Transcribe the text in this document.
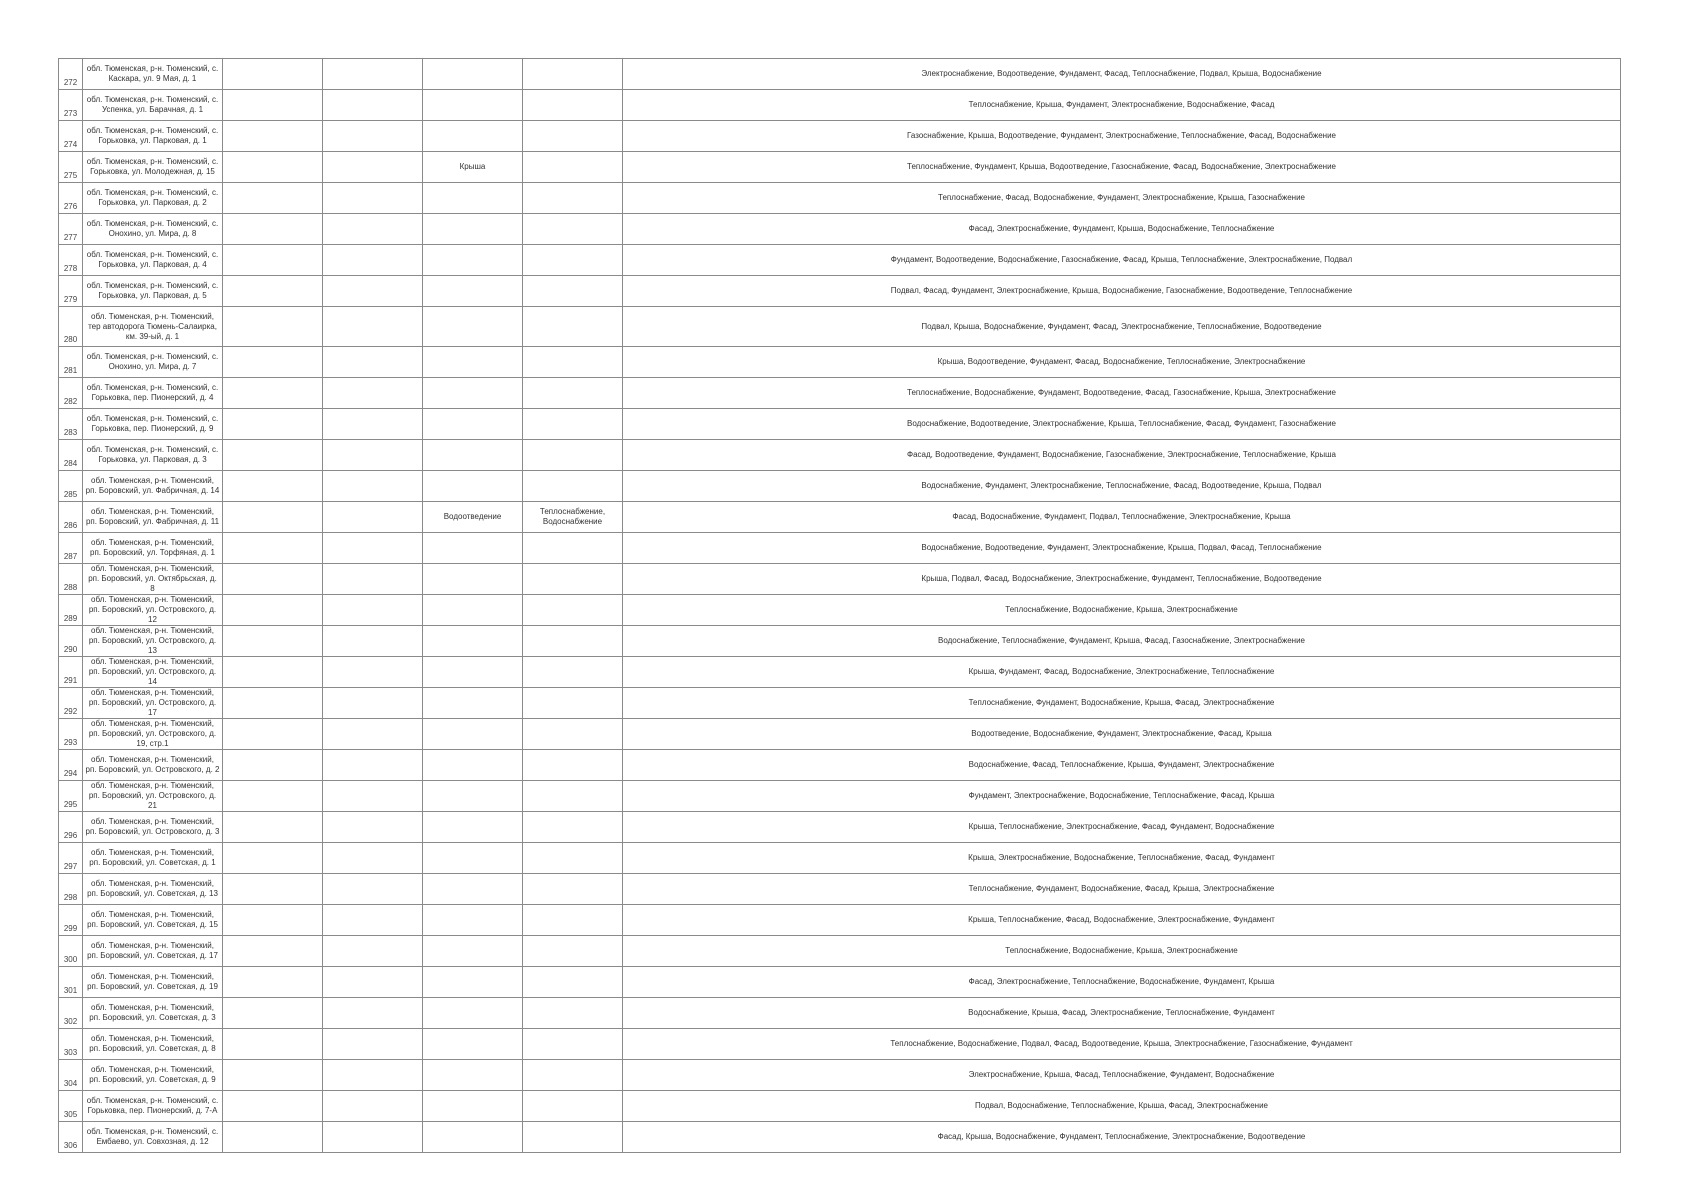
272	обл. Тюменская, р-н. Тюменский, с. Каскара, ул. 9 Мая, д. 1					Электроснабжение, Водоотведение, Фундамент, Фасад, Теплоснабжение, Подвал, Крыша, Водоснабжение
273	обл. Тюменская, р-н. Тюменский, с. Успенка, ул. Барачная, д. 1					Теплоснабжение, Крыша, Фундамент, Электроснабжение, Водоснабжение, Фасад
274	обл. Тюменская, р-н. Тюменский, с. Горьковка, ул. Парковая, д. 1					Газоснабжение, Крыша, Водоотведение, Фундамент, Электроснабжение, Теплоснабжение, Фасад, Водоснабжение
275	обл. Тюменская, р-н. Тюменский, с. Горьковка, ул. Молодежная, д. 15			Крыша		Теплоснабжение, Фундамент, Крыша, Водоотведение, Газоснабжение, Фасад, Водоснабжение, Электроснабжение
276	обл. Тюменская, р-н. Тюменский, с. Горьковка, ул. Парковая, д. 2					Теплоснабжение, Фасад, Водоснабжение, Фундамент, Электроснабжение, Крыша, Газоснабжение
277	обл. Тюменская, р-н. Тюменский, с. Онохино, ул. Мира, д. 8					Фасад, Электроснабжение, Фундамент, Крыша, Водоснабжение, Теплоснабжение
278	обл. Тюменская, р-н. Тюменский, с. Горьковка, ул. Парковая, д. 4					Фундамент, Водоотведение, Водоснабжение, Газоснабжение, Фасад, Крыша, Теплоснабжение, Электроснабжение, Подвал
279	обл. Тюменская, р-н. Тюменский, с. Горьковка, ул. Парковая, д. 5					Подвал, Фасад, Фундамент, Электроснабжение, Крыша, Водоснабжение, Газоснабжение, Водоотведение, Теплоснабжение
280	обл. Тюменская, р-н. Тюменский, тер автодорога Тюмень-Салаирка, км. 39-ый, д. 1					Подвал, Крыша, Водоснабжение, Фундамент, Фасад, Электроснабжение, Теплоснабжение, Водоотведение
281	обл. Тюменская, р-н. Тюменский, с. Онохино, ул. Мира, д. 7					Крыша, Водоотведение, Фундамент, Фасад, Водоснабжение, Теплоснабжение, Электроснабжение
282	обл. Тюменская, р-н. Тюменский, с. Горьковка, пер. Пионерский, д. 4					Теплоснабжение, Водоснабжение, Фундамент, Водоотведение, Фасад, Газоснабжение, Крыша, Электроснабжение
283	обл. Тюменская, р-н. Тюменский, с. Горьковка, пер. Пионерский, д. 9					Водоснабжение, Водоотведение, Электроснабжение, Крыша, Теплоснабжение, Фасад, Фундамент, Газоснабжение
284	обл. Тюменская, р-н. Тюменский, с. Горьковка, ул. Парковая, д. 3					Фасад, Водоотведение, Фундамент, Водоснабжение, Газоснабжение, Электроснабжение, Теплоснабжение, Крыша
285	обл. Тюменская, р-н. Тюменский, рп. Боровский, ул. Фабричная, д. 14					Водоснабжение, Фундамент, Электроснабжение, Теплоснабжение, Фасад, Водоотведение, Крыша, Подвал
286	обл. Тюменская, р-н. Тюменский, рп. Боровский, ул. Фабричная, д. 11			Водоотведение	Теплоснабжение, Водоснабжение	Фасад, Водоснабжение, Фундамент, Подвал, Теплоснабжение, Электроснабжение, Крыша
287	обл. Тюменская, р-н. Тюменский, рп. Боровский, ул. Торфяная, д. 1					Водоснабжение, Водоотведение, Фундамент, Электроснабжение, Крыша, Подвал, Фасад, Теплоснабжение
288	обл. Тюменская, р-н. Тюменский, рп. Боровский, ул. Октябрьская, д. 8					Крыша, Подвал, Фасад, Водоснабжение, Электроснабжение, Фундамент, Теплоснабжение, Водоотведение
289	обл. Тюменская, р-н. Тюменский, рп. Боровский, ул. Островского, д. 12					Теплоснабжение, Водоснабжение, Крыша, Электроснабжение
290	обл. Тюменская, р-н. Тюменский, рп. Боровский, ул. Островского, д. 13					Водоснабжение, Теплоснабжение, Фундамент, Крыша, Фасад, Газоснабжение, Электроснабжение
291	обл. Тюменская, р-н. Тюменский, рп. Боровский, ул. Островского, д. 14					Крыша, Фундамент, Фасад, Водоснабжение, Электроснабжение, Теплоснабжение
292	обл. Тюменская, р-н. Тюменский, рп. Боровский, ул. Островского, д. 17					Теплоснабжение, Фундамент, Водоснабжение, Крыша, Фасад, Электроснабжение
293	обл. Тюменская, р-н. Тюменский, рп. Боровский, ул. Островского, д. 19, стр.1					Водоотведение, Водоснабжение, Фундамент, Электроснабжение, Фасад, Крыша
294	обл. Тюменская, р-н. Тюменский, рп. Боровский, ул. Островского, д. 2					Водоснабжение, Фасад, Теплоснабжение, Крыша, Фундамент, Электроснабжение
295	обл. Тюменская, р-н. Тюменский, рп. Боровский, ул. Островского, д. 21					Фундамент, Электроснабжение, Водоснабжение, Теплоснабжение, Фасад, Крыша
296	обл. Тюменская, р-н. Тюменский, рп. Боровский, ул. Островского, д. 3					Крыша, Теплоснабжение, Электроснабжение, Фасад, Фундамент, Водоснабжение
297	обл. Тюменская, р-н. Тюменский, рп. Боровский, ул. Советская, д. 1					Крыша, Электроснабжение, Водоснабжение, Теплоснабжение, Фасад, Фундамент
298	обл. Тюменская, р-н. Тюменский, рп. Боровский, ул. Советская, д. 13					Теплоснабжение, Фундамент, Водоснабжение, Фасад, Крыша, Электроснабжение
299	обл. Тюменская, р-н. Тюменский, рп. Боровский, ул. Советская, д. 15					Крыша, Теплоснабжение, Фасад, Водоснабжение, Электроснабжение, Фундамент
300	обл. Тюменская, р-н. Тюменский, рп. Боровский, ул. Советская, д. 17					Теплоснабжение, Водоснабжение, Крыша, Электроснабжение
301	обл. Тюменская, р-н. Тюменский, рп. Боровский, ул. Советская, д. 19					Фасад, Электроснабжение, Теплоснабжение, Водоснабжение, Фундамент, Крыша
302	обл. Тюменская, р-н. Тюменский, рп. Боровский, ул. Советская, д. 3					Водоснабжение, Крыша, Фасад, Электроснабжение, Теплоснабжение, Фундамент
303	обл. Тюменская, р-н. Тюменский, рп. Боровский, ул. Советская, д. 8					Теплоснабжение, Водоснабжение, Подвал, Фасад, Водоотведение, Крыша, Электроснабжение, Газоснабжение, Фундамент
304	обл. Тюменская, р-н. Тюменский, рп. Боровский, ул. Советская, д. 9					Электроснабжение, Крыша, Фасад, Теплоснабжение, Фундамент, Водоснабжение
305	обл. Тюменская, р-н. Тюменский, с. Горьковка, пер. Пионерский, д. 7-А					Подвал, Водоснабжение, Теплоснабжение, Крыша, Фасад, Электроснабжение
306	обл. Тюменская, р-н. Тюменский, с. Ембаево, ул. Совхозная, д. 12					Фасад, Крыша, Водоснабжение, Фундамент, Теплоснабжение, Электроснабжение, Водоотведение
